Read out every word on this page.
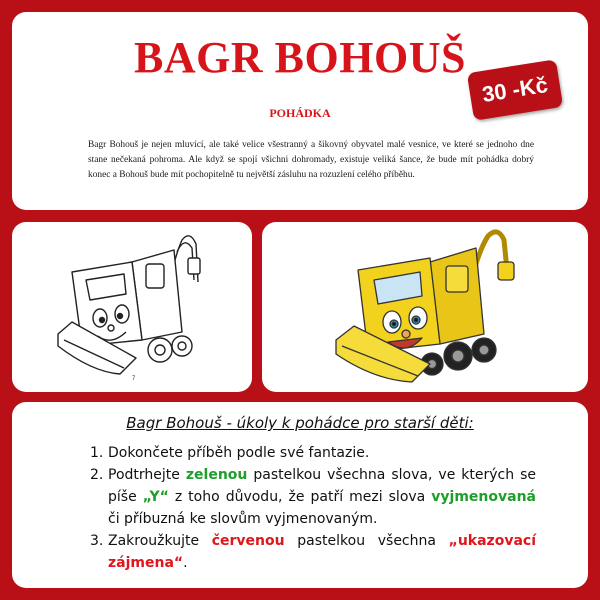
BAGR BOHOUŠ
30 -Kč
POHÁDKA

Bagr Bohouš je nejen mluvící, ale také velice všestranný a šikovný obyvatel malé vesnice, ve které se jednoho dne stane nečekaná pohroma. Ale když se spojí všichni dohromady, existuje veliká šance, že bude mít pohádka dobrý konec a Bohouš bude mít pochopitelně tu největší zásluhu na rozuzlení celého příběhu.

7
Bagr Bohouš - úkoly k pohádce pro starší děti:
1. Dokončete příběh podle své fantazie.
2. Podtrhejte zelenou pastelkou všechna slova, ve kterých se píše „Y“ z toho důvodu, že patří mezi slova vyjmenovaná či příbuzná ke slovům vyjmenovaným.
3. Zakroužkujte červenou pastelkou všechna „ukazovací zájmena“.
